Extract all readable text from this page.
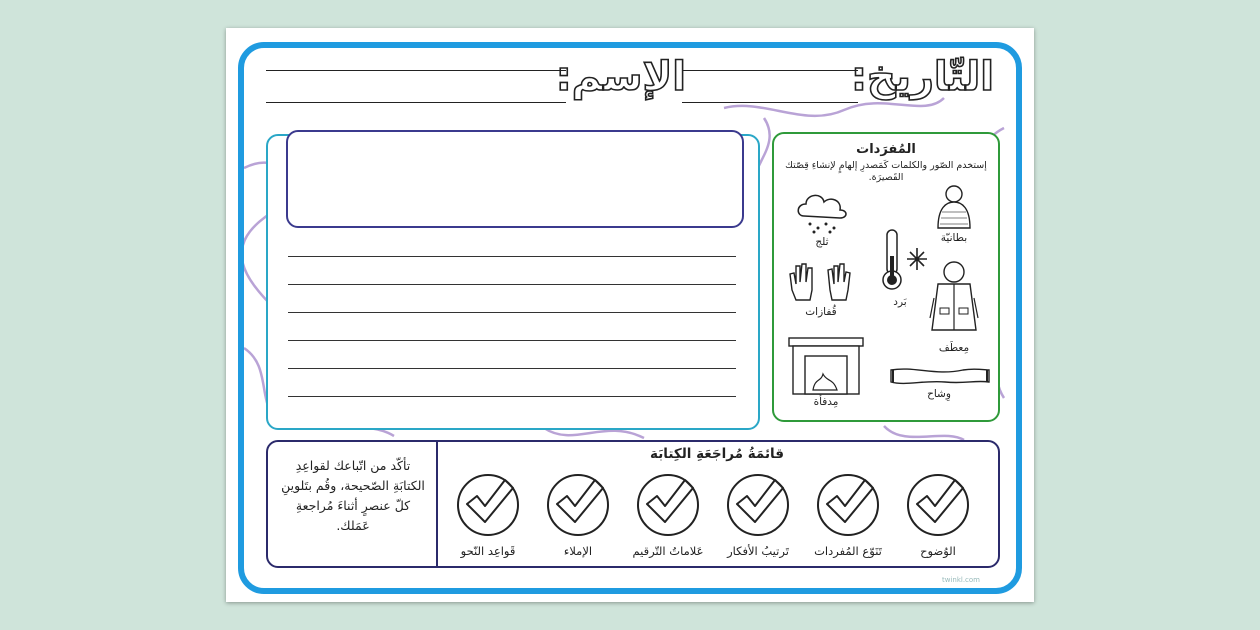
التّاريخ:
الإسم:
المُفرَدات
إستخدم الصّور والكلمات كَمَصدرِ إلهامٍ لإنشاءِ قِصّتك القَصيرَة.
ثلج	بطانيّة
قُفازات
بَرد
مِعطَف
مِدفأة
وِشاح
تأكّد من اتّباعك لقواعِدِ الكتابَةِ الصّحيحة، وقُم بتَلوينِ كلّ عنصرٍ أثناءَ مُراجعةِ عَمَلك.
قائمَةُ مُراجَعَةِ الكِتابَة
الوُضوح
تَنَوّع المُفردات
تَرتيبُ الأفكار
عَلاماتُ التّرقيم
الإملاء
قَواعِد النّحو
twinkl.com
